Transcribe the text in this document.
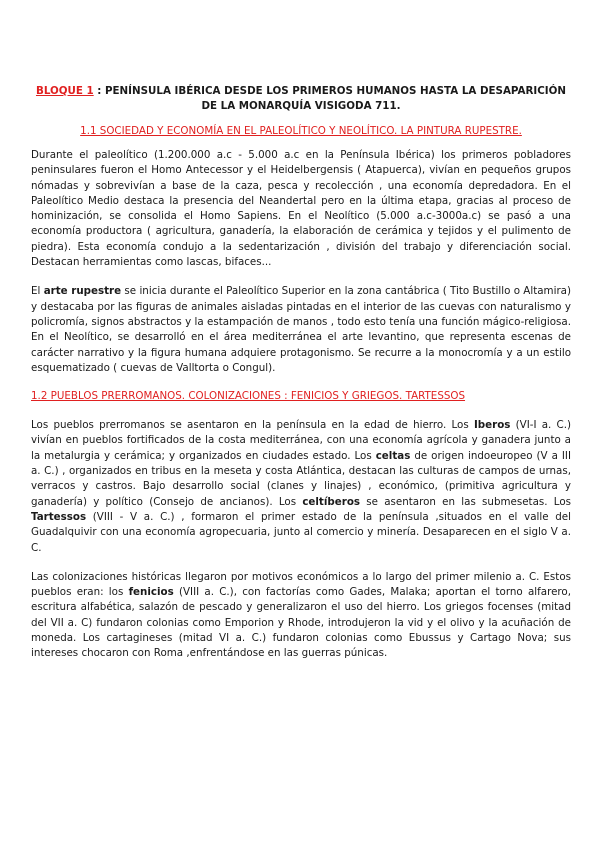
BLOQUE 1 : PENÍNSULA IBÉRICA DESDE LOS PRIMEROS HUMANOS HASTA LA DESAPARICIÓN DE LA MONARQUÍA VISIGODA 711.

1.1 SOCIEDAD Y ECONOMÍA EN EL PALEOLÍTICO Y NEOLÍTICO. LA PINTURA RUPESTRE.

Durante el paleolítico (1.200.000 a.c - 5.000 a.c en la Península Ibérica) los primeros pobladores peninsulares fueron el Homo Antecessor y el Heidelbergensis ( Atapuerca), vivían en pequeños grupos nómadas y sobrevivían a base de la caza, pesca y recolección , una economía depredadora. En el Paleolítico Medio destaca la presencia del Neandertal pero en la última etapa, gracias al proceso de hominización, se consolida el Homo Sapiens. En el Neolítico (5.000 a.c-3000a.c) se pasó a una economía productora ( agricultura, ganadería, la elaboración de cerámica y tejidos y el pulimento de piedra). Esta economía condujo a la sedentarización , división del trabajo y diferenciación social. Destacan herramientas como lascas, bifaces...

El arte rupestre se inicia durante el Paleolítico Superior en la zona cantábrica ( Tito Bustillo o Altamira) y destacaba por las figuras de animales aisladas pintadas en el interior de las cuevas con naturalismo y policromía, signos abstractos y la estampación de manos , todo esto tenía una función mágico-religiosa. En el Neolítico, se desarrolló en el área mediterránea el arte levantino, que representa escenas de carácter narrativo y la figura humana adquiere protagonismo. Se recurre a la monocromía y a un estilo esquematizado ( cuevas de Valltorta o Congul).

1.2 PUEBLOS PRERROMANOS. COLONIZACIONES : FENICIOS Y GRIEGOS. TARTESSOS

Los pueblos prerromanos se asentaron en la península en la edad de hierro. Los Iberos (VI-I a. C.) vivían en pueblos fortificados de la costa mediterránea, con una economía agrícola y ganadera junto a la metalurgia y cerámica; y organizados en ciudades estado. Los celtas de origen indoeuropeo (V a III a. C.) , organizados en tribus en la meseta y costa Atlántica, destacan las culturas de campos de urnas, verracos y castros. Bajo desarrollo social (clanes y linajes) , económico, (primitiva agricultura y ganadería) y político (Consejo de ancianos). Los celtíberos se asentaron en las submesetas. Los Tartessos (VIII - V a. C.) , formaron el primer estado de la península ,situados en el valle del Guadalquivir con una economía agropecuaria, junto al comercio y minería. Desaparecen en el siglo V a. C.

Las colonizaciones históricas llegaron por motivos económicos a lo largo del primer milenio a. C. Estos pueblos eran: los fenicios (VIII a. C.), con factorías como Gades, Malaka; aportan el torno alfarero, escritura alfabética, salazón de pescado y generalizaron el uso del hierro. Los griegos focenses (mitad del VII a. C) fundaron colonias como Emporion y Rhode, introdujeron la vid y el olivo y la acuñación de moneda. Los cartagineses (mitad VI a. C.) fundaron colonias como Ebussus y Cartago Nova; sus intereses chocaron con Roma ,enfrentándose en las guerras púnicas.
